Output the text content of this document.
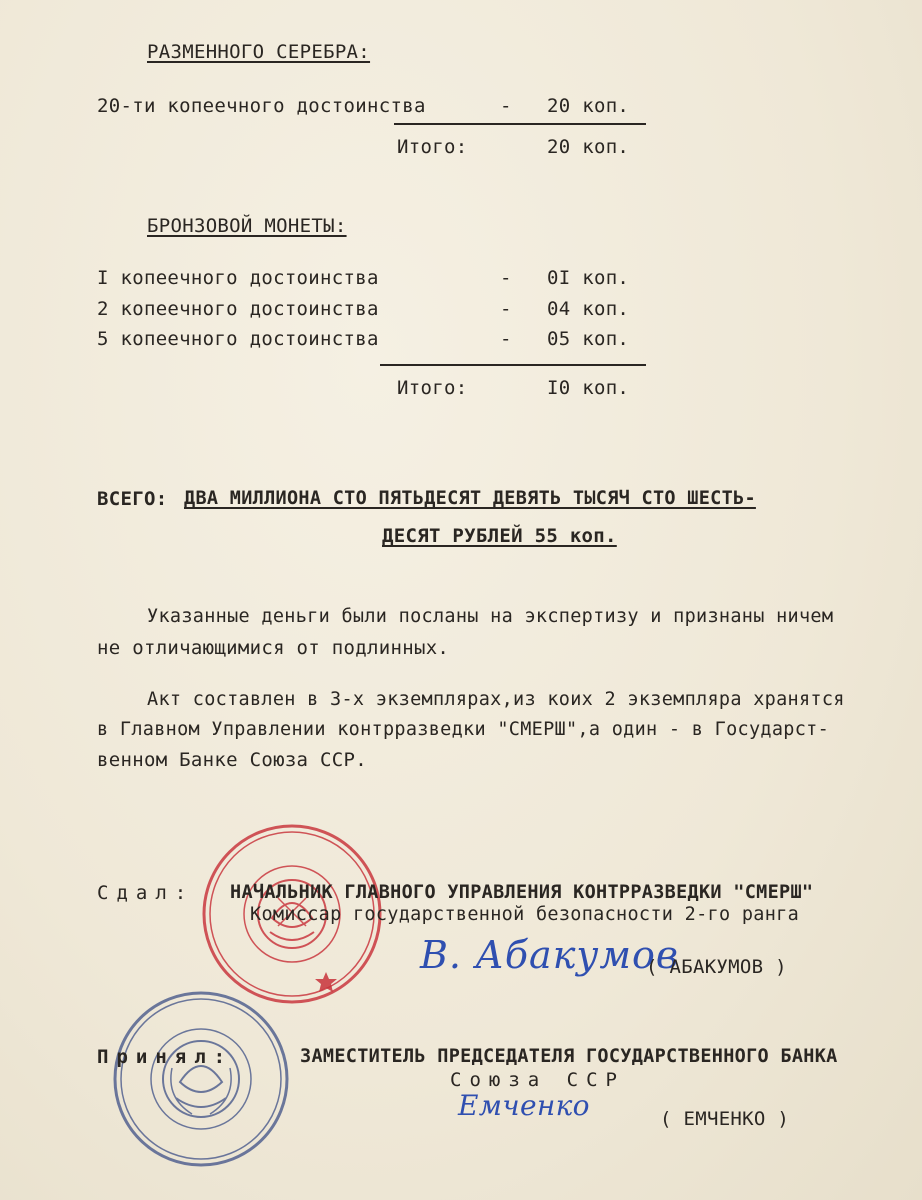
РАЗМЕННОГО СЕРЕБРА:
20-ти копеечного достоинства	- 20 коп.
Итого:	20 коп.
БРОНЗОВОЙ МОНЕТЫ:
I копеечного достоинства	- 0I коп.
2 копеечного достоинства	- 04 коп.
5 копеечного достоинства	- 05 коп.
Итого:	I0 коп.
ВСЕГО: ДВА МИЛЛИОНА СТО ПЯТЬДЕСЯТ ДЕВЯТЬ ТЫСЯЧ СТО ШЕСТЬ-
ДЕСЯТ РУБЛЕЙ 55 коп.
Указанные деньги были посланы на экспертизу и признаны ничем
не отличающимися от подлинных.
Акт составлен в 3-х экземплярах,из коих 2 экземпляра хранятся
в Главном Управлении контрразведки "СМЕРШ",а один - в Государст-
венном Банке Союза ССР.
Сдал: НАЧАЛЬНИК ГЛАВНОГО УПРАВЛЕНИЯ КОНТРРАЗВЕДКИ "СМЕРШ"
Комиссар государственной безопасности 2-го ранга
В. Абакумов
( АБАКУМОВ )
Принял:	ЗАМЕСТИТЕЛЬ ПРЕДСЕДАТЕЛЯ ГОСУДАРСТВЕННОГО БАНКА
Союза ССР
Емченко	( ЕМЧЕНКО )
